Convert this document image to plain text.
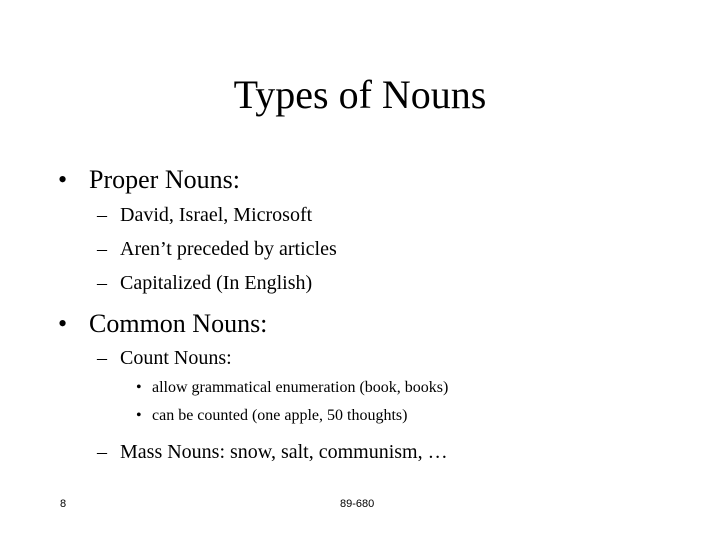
Types of Nouns
• Proper Nouns:
– David, Israel, Microsoft
– Aren’t preceded by articles
– Capitalized (In English)
• Common Nouns:
– Count Nouns:
• allow grammatical enumeration (book, books)
• can be counted (one apple, 50 thoughts)
– Mass Nouns: snow, salt, communism, …
8	89-680
